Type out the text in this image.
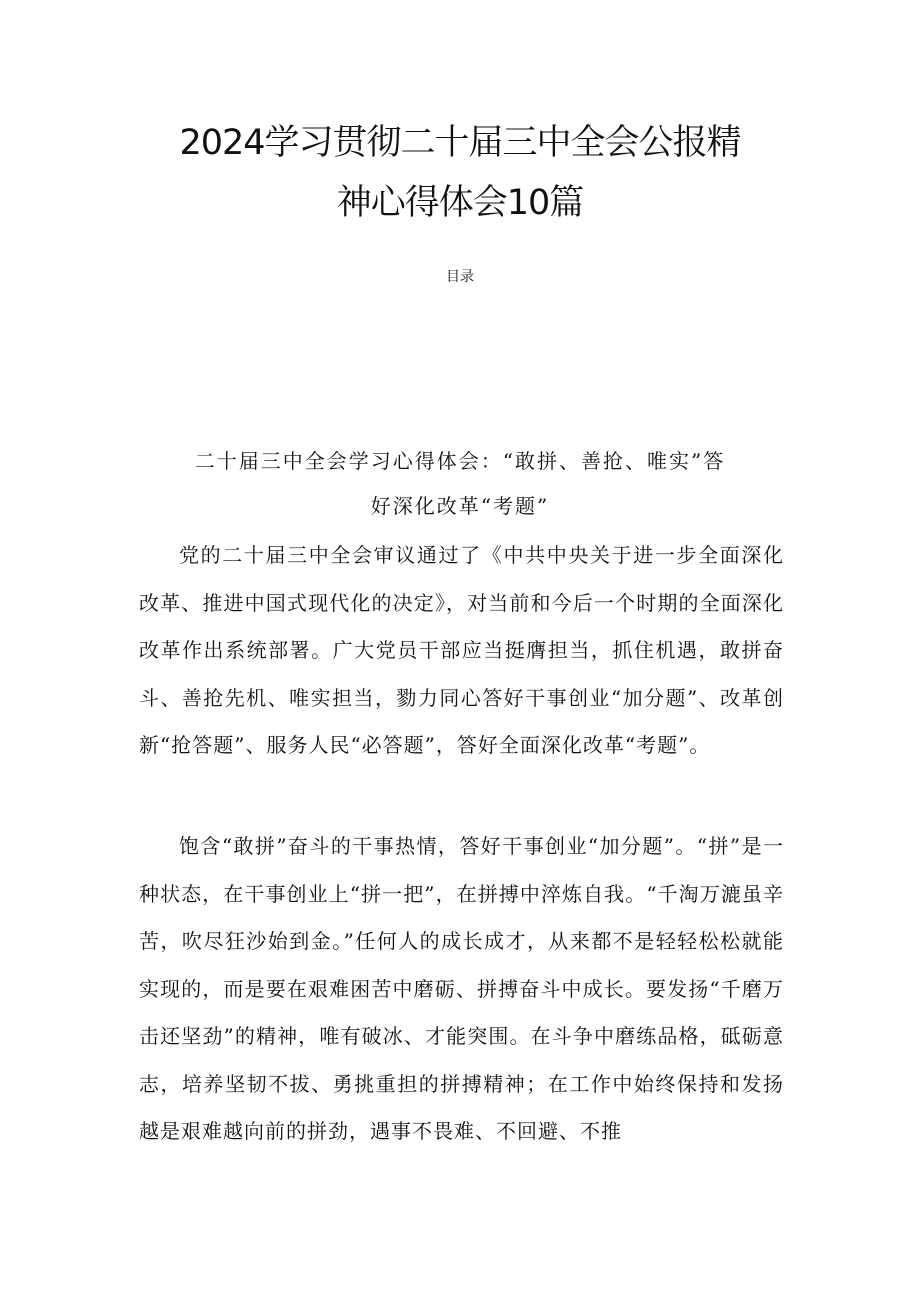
2024学习贯彻二十届三中全会公报精
神心得体会10篇
目录
二十届三中全会学习心得体会：“敢拼、善抢、唯实”答
好深化改革“考题”

党的二十届三中全会审议通过了《中共中央关于进一步全面深化改革、推进中国式现代化的决定》，对当前和今后一个时期的全面深化改革作出系统部署。广大党员干部应当挺膺担当，抓住机遇，敢拼奋斗、善抢先机、唯实担当，勠力同心答好干事创业“加分题”、改革创新“抢答题”、服务人民“必答题”，答好全面深化改革“考题”。

饱含“敢拼”奋斗的干事热情，答好干事创业“加分题”。“拼”是一种状态，在干事创业上“拼一把”，在拼搏中淬炼自我。“千淘万漉虽辛苦，吹尽狂沙始到金。”任何人的成长成才，从来都不是轻轻松松就能实现的，而是要在艰难困苦中磨砺、拼搏奋斗中成长。要发扬“千磨万击还坚劲”的精神，唯有破冰、才能突围。在斗争中磨练品格，砥砺意志，培养坚韧不拔、勇挑重担的拼搏精神；在工作中始终保持和发扬越是艰难越向前的拼劲，遇事不畏难、不回避、不推
